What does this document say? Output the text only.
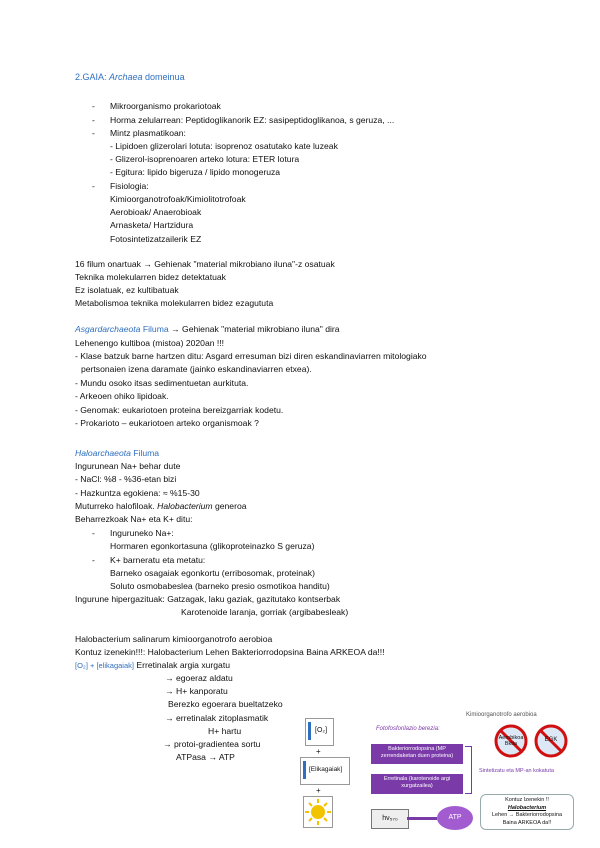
2.GAIA: Archaea domeinua
- Mikroorganismo prokariotoak
- Horma zelularrean: Peptidoglikanorik EZ: sasipeptidoglikanoa, s geruza, ...
- Mintz plasmatikoan:
- Lipidoen glizerolari lotuta: isoprenoz osatutako kate luzeak
- Glizerol-isoprenoaren arteko lotura: ETER lotura
- Egitura: lipido bigeruza / lipido monogeruza
- Fisiologia:
Kimioorganotrofoak/Kimiolitotrofoak
Aerobioak/ Anaerobioak
Arnasketa/ Hartzidura
Fotosintetizatzailerik EZ
16 filum onartuak → Gehienak "material mikrobiano iluna"-z osatuak
Teknika molekularren bidez detektatuak
Ez isolatuak, ez kultibatuak
Metabolismoa teknika molekularren bidez ezagututa
Asgardarchaeota Filuma → Gehienak "material mikrobiano iluna" dira
Lehenengo kultiboa (mistoa) 2020an !!!
- Klase batzuk barne hartzen ditu: Asgard erresuman bizi diren eskandinaviarren mitologiako
pertsonaien izena daramate (jainko eskandinaviarren etxea).
- Mundu osoko itsas sedimentuetan aurkituta.
- Arkeoen ohiko lipidoak.
- Genomak: eukariotoen proteina bereizgarriak kodetu.
- Prokarioto – eukariotoen arteko organismoak ?
Haloarchaeota Filuma
Ingurunean Na+ behar dute
- NaCl: %8 - %36-etan bizi
- Hazkuntza egokiena: ≈ %15-30
Muturreko halofiloak. Halobacterium generoa
Beharrezkoak Na+ eta K+ ditu:
- Ingurunekо Na+:
Hormaren egonkortasuna (glikoproteinazko S geruza)
- K+ barneratu eta metatu:
Barneko osagaiak egonkortu (erribosomak, proteinak)
Soluto osmobabeslea (barneko presio osmotikoa handitu)
Ingurune hipergazituak: Gatzagak, laku gaziak, gazitutako kontserbak
Karotenoide laranja, gorriak (argibabesleak)
Halobacterium salinarum kimioorganotrofo aerobioa
Kontuz izenekin!!!: Halobacterium Lehen Bakteriorrodopsina Baina ARKEOA da!!!
[O₂] + [elikagaiak] Erretinalak argia xurgatu
→ egoeraz aldatu
→ H+ kanporatu
Berezko egoerara bueltatzeko
→ erretinalak zitoplasmatik
H+ hartu
→ protoi-gradientea sortu
ATPasa → ATP
[O₂]
+
[Elikagaiak]
+
Fotofosforilazio berezia:
Bakteriorrodopsina (MP zerrendaketan duen proteina)
Erretinala (karotenoide argi xurgatzailea)
Sintetizatu eta MP-an kokatuta
hν₅₇₀	ATP
Kimioorganotrofo aerobioa
Aerobikoa Bktia
EGK
Kontuz Izenekin !!
Halobacterium
Lehen → Bakteriorrodopsina
Baina ARKEOA da!!
